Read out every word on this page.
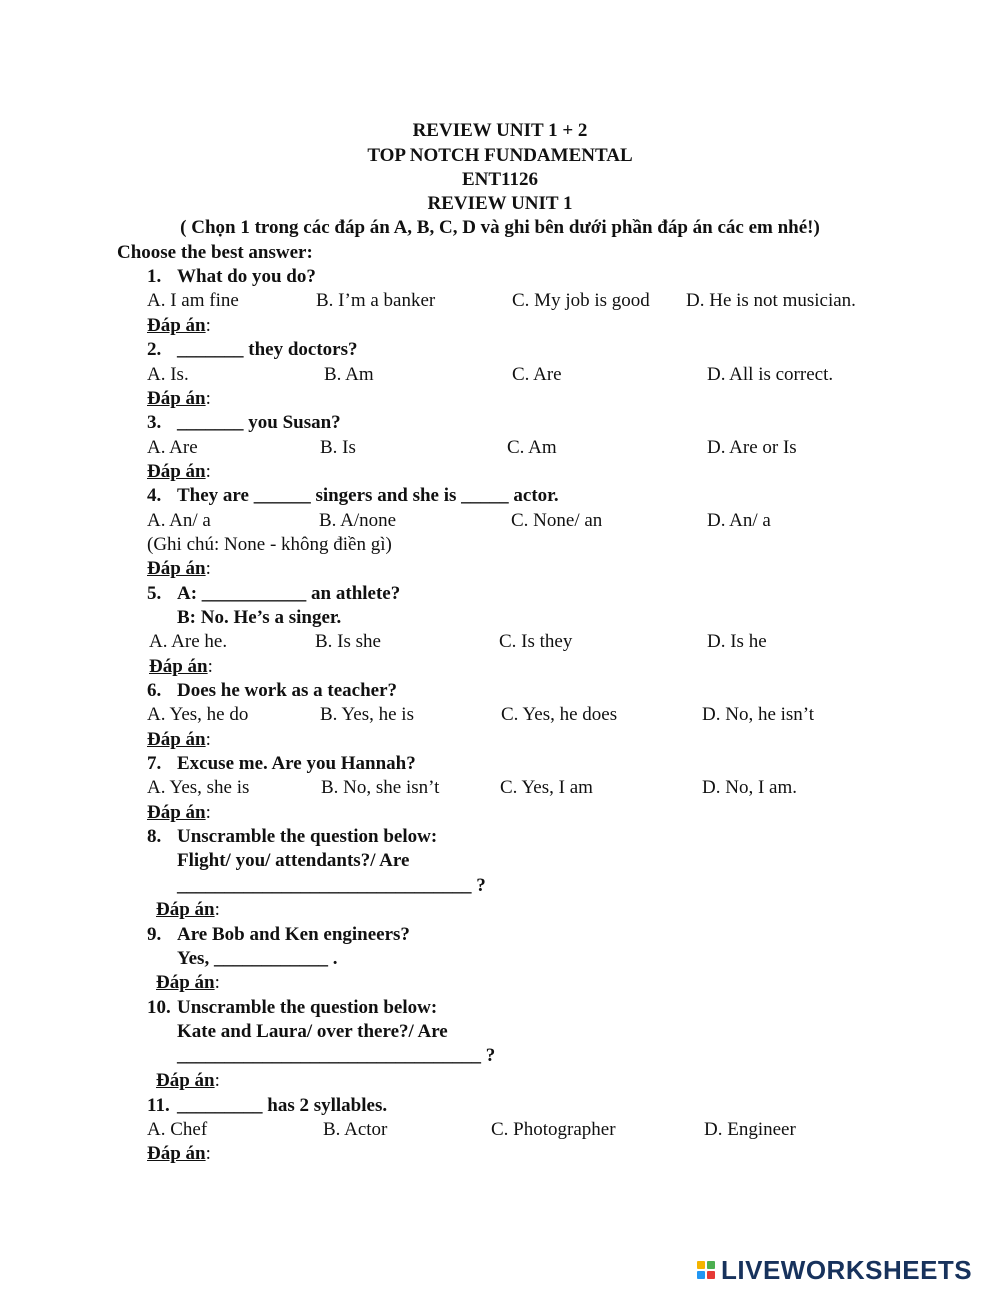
REVIEW UNIT 1 + 2
TOP NOTCH FUNDAMENTAL
ENT1126
REVIEW UNIT 1
( Chọn 1 trong các đáp án A, B, C, D và ghi bên dưới phần đáp án các em nhé!)
Choose the best answer:
1. What do you do?
A. I am fine	B. I’m a banker	C. My job is good D. He is not musician.
Đáp án:
2. _______ they doctors?
A. Is.	B. Am	C. Are	D. All is correct.
Đáp án:
3. _______ you Susan?
A. Are	B. Is	C. Am	D. Are or Is
Đáp án:
4. They are ______ singers and she is _____ actor.
A. An/ a	B. A/none	C. None/ an	D. An/ a
(Ghi chú: None - không điền gì)
Đáp án:
5. A: ___________ an athlete?
B: No. He’s a singer.
A. Are he.	B. Is she	C. Is they	D. Is he
Đáp án:
6. Does he work as a teacher?
A. Yes, he do	B. Yes, he is	C. Yes, he does	D. No, he isn’t
Đáp án:
7. Excuse me. Are you Hannah?
A. Yes, she is	B. No, she isn’t	C. Yes, I am	D. No, I am.
Đáp án:
8. Unscramble the question below:
Flight/ you/ attendants?/ Are
_______________________________ ?
Đáp án:
9. Are Bob and Ken engineers?
Yes, ____________ .
Đáp án:
10. Unscramble the question below:
Kate and Laura/ over there?/ Are
________________________________ ?
Đáp án:
11. _________ has 2 syllables.
A. Chef	B. Actor	C. Photographer	D. Engineer
Đáp án:
LIVEWORKSHEETS
